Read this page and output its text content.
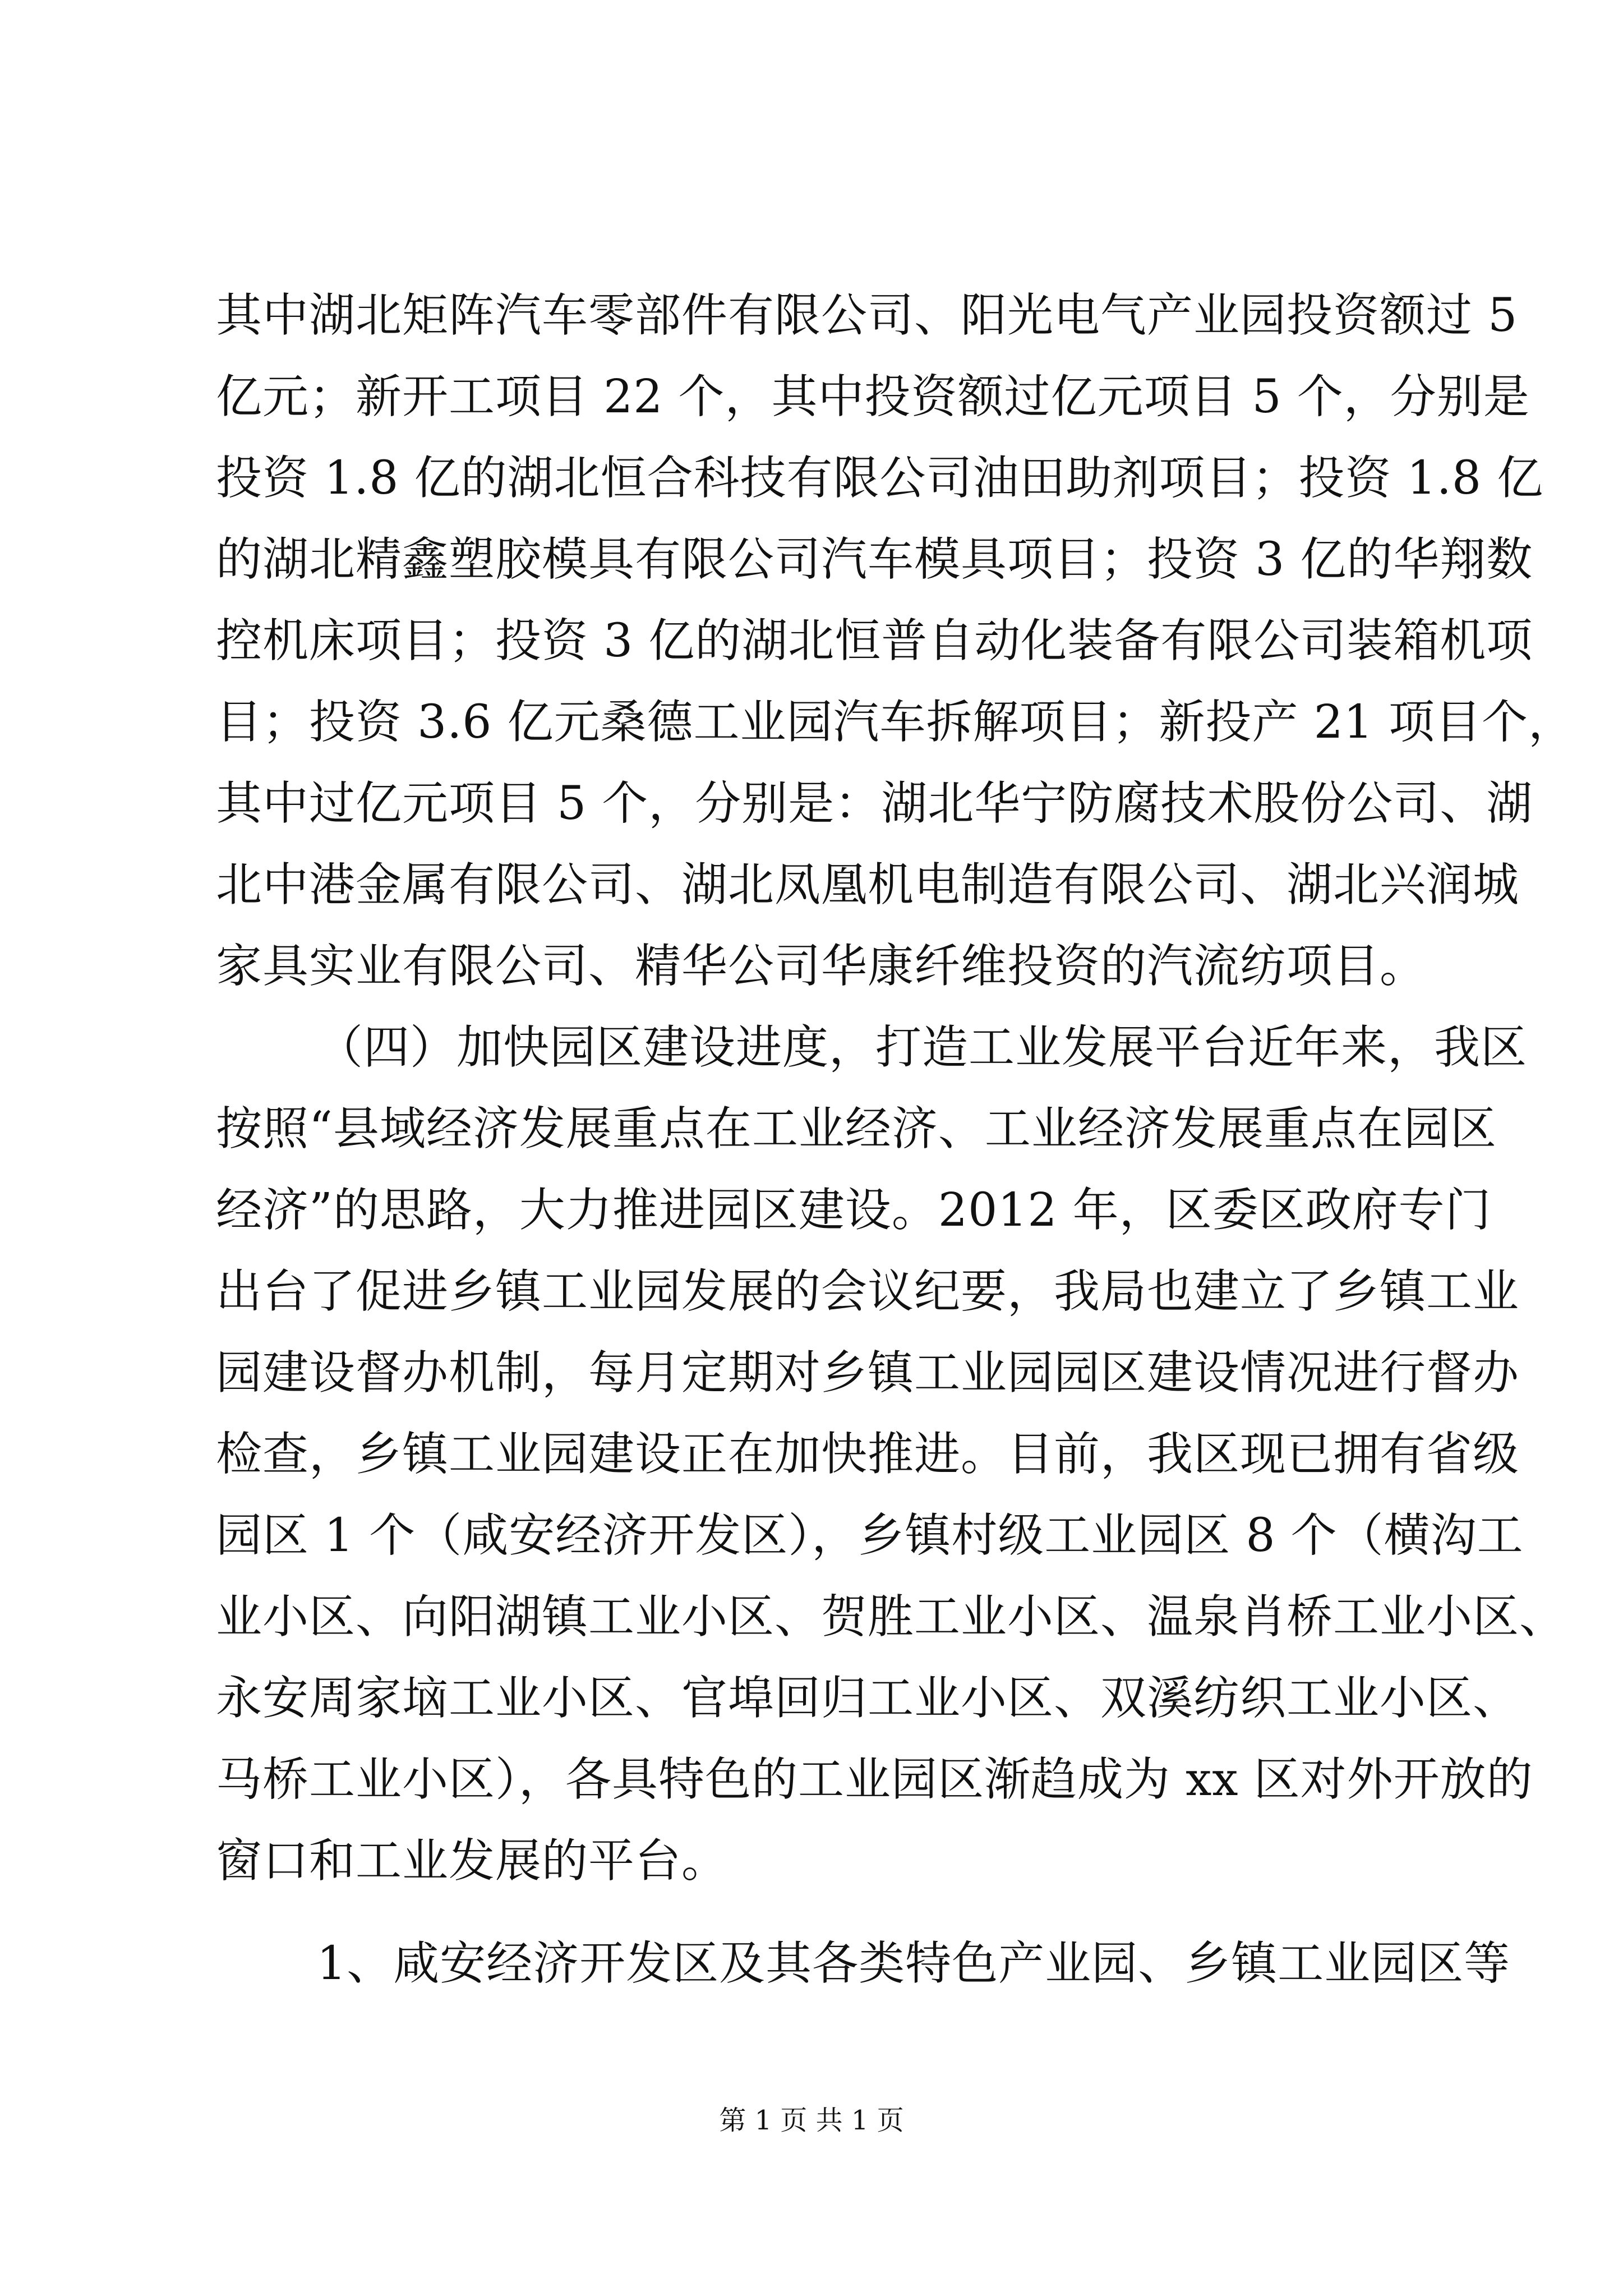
其中湖北矩阵汽车零部件有限公司、阳光电气产业园投资额过 5
亿元；新开工项目 22 个，其中投资额过亿元项目 5 个，分别是
投资 1.8 亿的湖北恒合科技有限公司油田助剂项目；投资 1.8 亿
的湖北精鑫塑胶模具有限公司汽车模具项目；投资 3 亿的华翔数
控机床项目；投资 3 亿的湖北恒普自动化装备有限公司装箱机项
目；投资 3.6 亿元桑德工业园汽车拆解项目；新投产 21 项目个，
其中过亿元项目 5 个，分别是：湖北华宁防腐技术股份公司、湖
北中港金属有限公司、湖北凤凰机电制造有限公司、湖北兴润城
家具实业有限公司、精华公司华康纤维投资的汽流纺项目。
（四）加快园区建设进度，打造工业发展平台近年来，我区
按照“县域经济发展重点在工业经济、工业经济发展重点在园区
经济”的思路，大力推进园区建设。2012 年，区委区政府专门
出台了促进乡镇工业园发展的会议纪要，我局也建立了乡镇工业
园建设督办机制，每月定期对乡镇工业园园区建设情况进行督办
检查，乡镇工业园建设正在加快推进。目前，我区现已拥有省级
园区 1 个（咸安经济开发区），乡镇村级工业园区 8 个（横沟工
业小区、向阳湖镇工业小区、贺胜工业小区、温泉肖桥工业小区、
永安周家垴工业小区、官埠回归工业小区、双溪纺织工业小区、
马桥工业小区），各具特色的工业园区渐趋成为 xx 区对外开放的
窗口和工业发展的平台。
1、咸安经济开发区及其各类特色产业园、乡镇工业园区等
第 1 页 共 1 页
